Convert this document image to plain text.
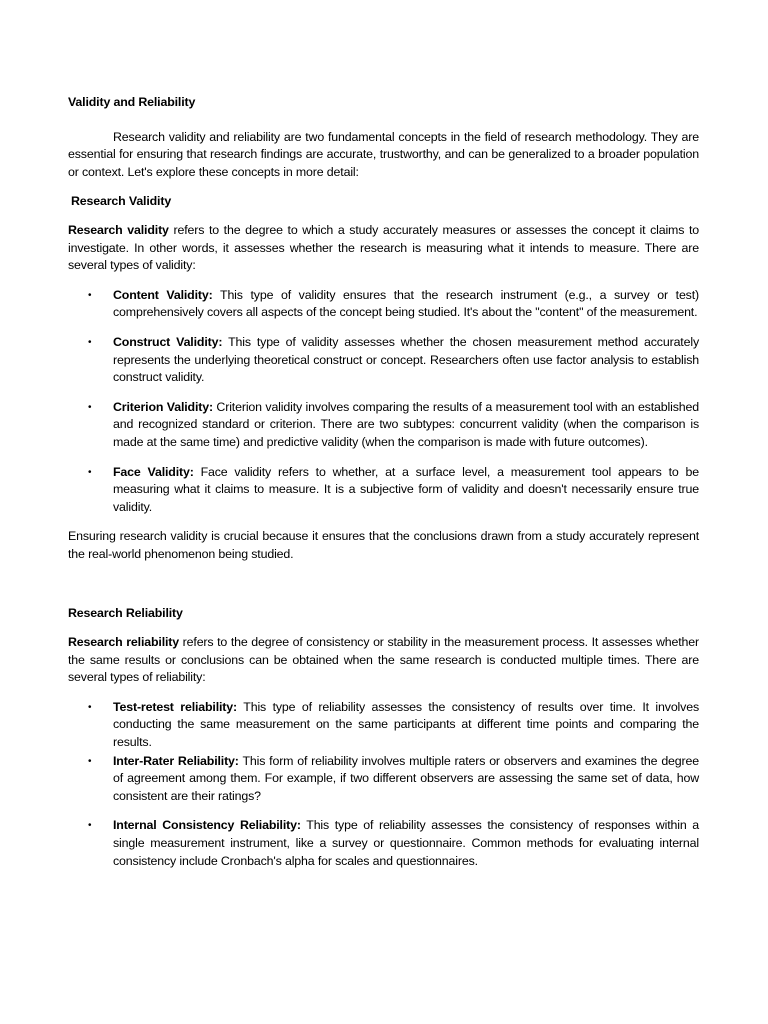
Validity and Reliability

Research validity and reliability are two fundamental concepts in the field of research methodology. They are essential for ensuring that research findings are accurate, trustworthy, and can be generalized to a broader population or context. Let's explore these concepts in more detail:

Research Validity

Research validity refers to the degree to which a study accurately measures or assesses the concept it claims to investigate. In other words, it assesses whether the research is measuring what it intends to measure. There are several types of validity:

• Content Validity: This type of validity ensures that the research instrument (e.g., a survey or test) comprehensively covers all aspects of the concept being studied. It's about the "content" of the measurement.
• Construct Validity: This type of validity assesses whether the chosen measurement method accurately represents the underlying theoretical construct or concept. Researchers often use factor analysis to establish construct validity.
• Criterion Validity: Criterion validity involves comparing the results of a measurement tool with an established and recognized standard or criterion. There are two subtypes: concurrent validity (when the comparison is made at the same time) and predictive validity (when the comparison is made with future outcomes).
• Face Validity: Face validity refers to whether, at a surface level, a measurement tool appears to be measuring what it claims to measure. It is a subjective form of validity and doesn't necessarily ensure true validity.

Ensuring research validity is crucial because it ensures that the conclusions drawn from a study accurately represent the real-world phenomenon being studied.

Research Reliability

Research reliability refers to the degree of consistency or stability in the measurement process. It assesses whether the same results or conclusions can be obtained when the same research is conducted multiple times. There are several types of reliability:

• Test-retest reliability: This type of reliability assesses the consistency of results over time. It involves conducting the same measurement on the same participants at different time points and comparing the results.
• Inter-Rater Reliability: This form of reliability involves multiple raters or observers and examines the degree of agreement among them. For example, if two different observers are assessing the same set of data, how consistent are their ratings?
• Internal Consistency Reliability: This type of reliability assesses the consistency of responses within a single measurement instrument, like a survey or questionnaire. Common methods for evaluating internal consistency include Cronbach's alpha for scales and questionnaires.
